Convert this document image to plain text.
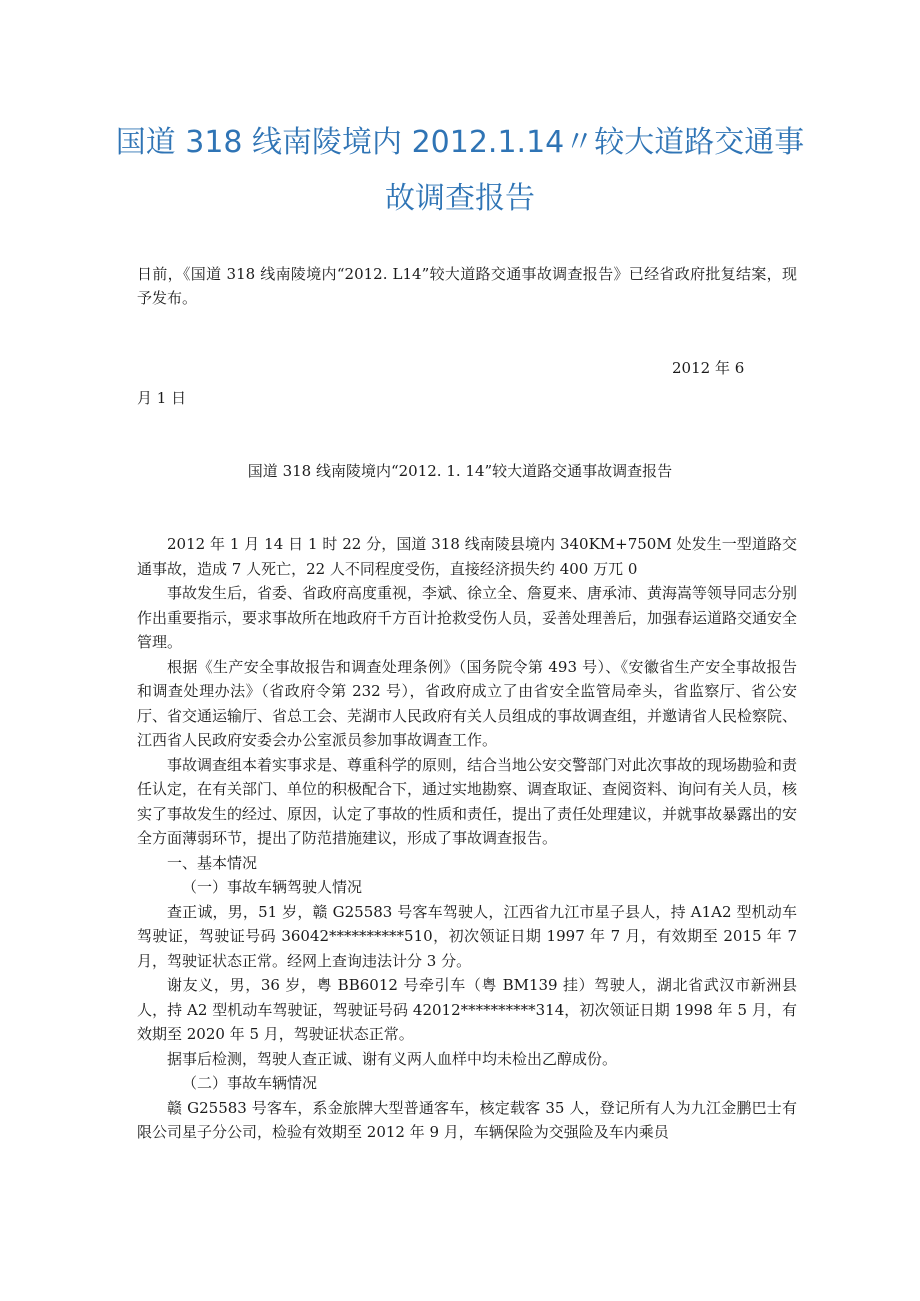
国道 318 线南陵境内 2012.1.14〃较大道路交通事
故调查报告

日前，《国道 318 线南陵境内“2012. L14”较大道路交通事故调查报告》已经省政府批复结案，现予发布。

2012 年 6

月 1 日

国道 318 线南陵境内“2012. 1. 14”较大道路交通事故调查报告

2012 年 1 月 14 日 1 时 22 分，国道 318 线南陵县境内 340KM+750M 处发生一型道路交通事故，造成 7 人死亡，22 人不同程度受伤，直接经济损失约 400 万兀 0

事故发生后，省委、省政府高度重视，李斌、徐立全、詹夏来、唐承沛、黄海嵩等领导同志分别作出重要指示，要求事故所在地政府千方百计抢救受伤人员，妥善处理善后，加强春运道路交通安全管理。

根据《生产安全事故报告和调查处理条例》（国务院令第 493 号）、《安徽省生产安全事故报告和调查处理办法》（省政府令第 232 号），省政府成立了由省安全监管局牵头，省监察厅、省公安厅、省交通运输厅、省总工会、芜湖市人民政府有关人员组成的事故调查组，并邀请省人民检察院、江西省人民政府安委会办公室派员参加事故调查工作。

事故调查组本着实事求是、尊重科学的原则，结合当地公安交警部门对此次事故的现场勘验和责任认定，在有关部门、单位的积极配合下，通过实地勘察、调查取证、查阅资料、询问有关人员，核实了事故发生的经过、原因，认定了事故的性质和责任，提出了责任处理建议，并就事故暴露出的安全方面薄弱环节，提出了防范措施建议，形成了事故调查报告。

一、基本情况

（一）事故车辆驾驶人情况

查正诚，男，51 岁，赣 G25583 号客车驾驶人，江西省九江市星子县人，持 A1A2 型机动车驾驶证，驾驶证号码 36042**********510，初次领证日期 1997 年 7 月，有效期至 2015 年 7 月，驾驶证状态正常。经网上查询违法计分 3 分。

谢友义，男，36 岁，粤 BB6012 号牵引车（粤 BM139 挂）驾驶人，湖北省武汉市新洲县人，持 A2 型机动车驾驶证，驾驶证号码 42012**********314，初次领证日期 1998 年 5 月，有效期至 2020 年 5 月，驾驶证状态正常。

据事后检测，驾驶人查正诚、谢有义两人血样中均未检出乙醇成份。

（二）事故车辆情况

赣 G25583 号客车，系金旅牌大型普通客车，核定载客 35 人，登记所有人为九江金鹏巴士有限公司星子分公司，检验有效期至 2012 年 9 月，车辆保险为交强险及车内乘员
